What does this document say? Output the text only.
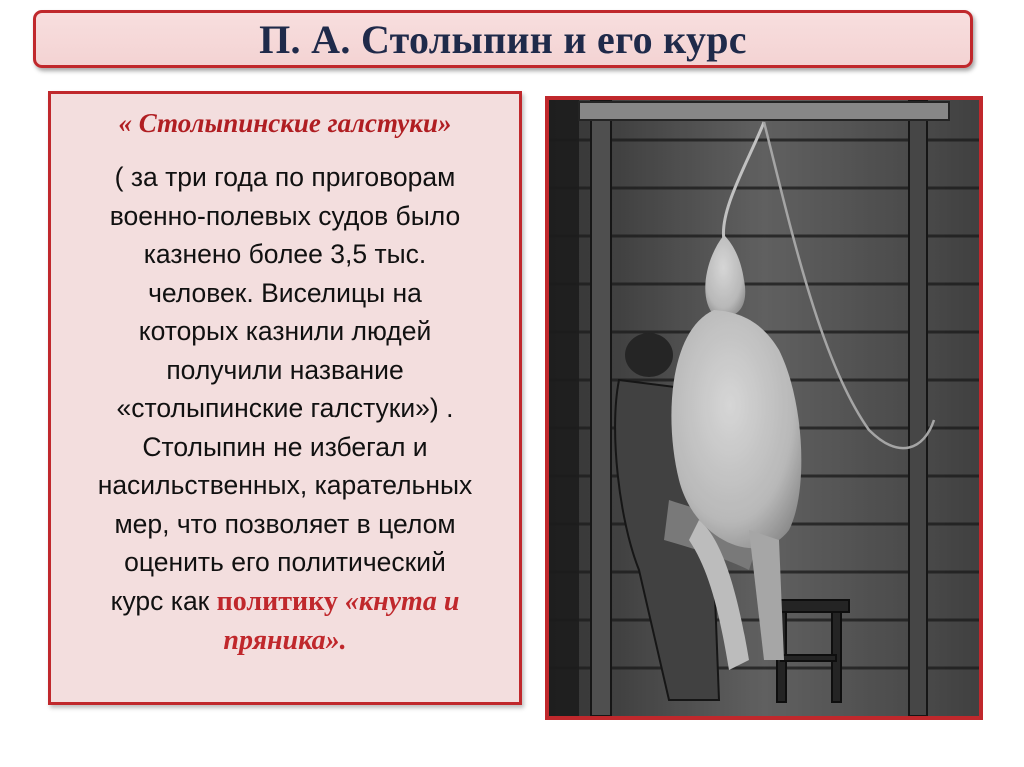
П. А. Столыпин и его курс
« Столыпинские галстуки»
( за три года по приговорам
военно-полевых судов было
казнено более 3,5 тыс.
человек. Виселицы на
которых казнили людей
получили название
«столыпинские галстуки») .
Столыпин не избегал и
насильственных, карательных
мер, что позволяет в целом
оценить его политический
курс как политику «кнута и
пряника».
